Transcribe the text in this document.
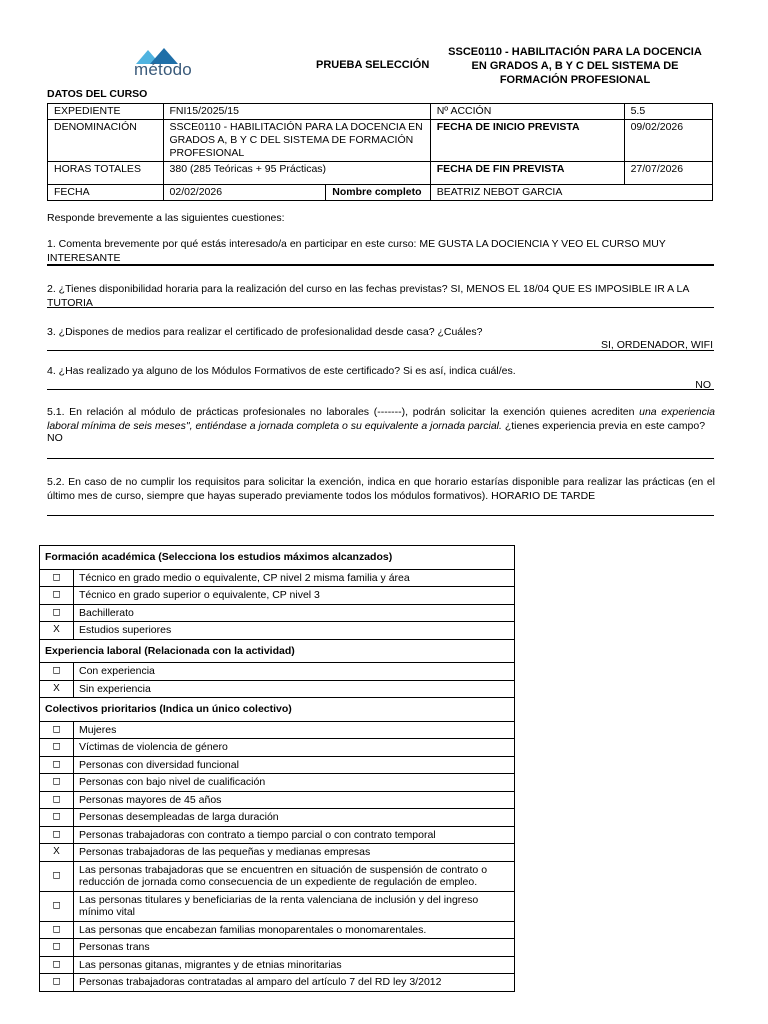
método	PRUEBA SELECCIÓN
SSCE0110 - HABILITACIÓN PARA LA DOCENCIA
EN GRADOS A, B Y C DEL SISTEMA DE
FORMACIÓN PROFESIONAL
DATOS DEL CURSO
EXPEDIENTE	FNI15/2025/15		Nº ACCIÓN	5.5
DENOMINACIÓN	SSCE0110 - HABILITACIÓN PARA LA DOCENCIA EN GRADOS A, B Y C DEL SISTEMA DE FORMACIÓN PROFESIONAL		FECHA DE INICIO PREVISTA	09/02/2026
HORAS TOTALES	380 (285 Teóricas + 95 Prácticas)		FECHA DE FIN PREVISTA	27/07/2026
FECHA	02/02/2026	Nombre completo	BEATRIZ NEBOT GARCIA	
Responde brevemente a las siguientes cuestiones:
1. Comenta brevemente por qué estás interesado/a en participar en este curso: ME GUSTA LA DOCIENCIA Y VEO EL CURSO MUY INTERESANTE
2. ¿Tienes disponibilidad horaria para la realización del curso en las fechas previstas? SI, MENOS EL 18/04 QUE ES IMPOSIBLE IR A LA TUTORIA
3. ¿Dispones de medios para realizar el certificado de profesionalidad desde casa? ¿Cuáles?
SI, ORDENADOR, WIFI
4. ¿Has realizado ya alguno de los Módulos Formativos de este certificado? Si es así, indica cuál/es.
NO
5.1. En relación al módulo de prácticas profesionales no laborales (-------), podrán solicitar la exención quienes acrediten una experiencia laboral mínima de seis meses", entiéndase a jornada completa o su equivalente a jornada parcial. ¿tienes experiencia previa en este campo?
NO
5.2. En caso de no cumplir los requisitos para solicitar la exención, indica en que horario estarías disponible para realizar las prácticas (en el último mes de curso, siempre que hayas superado previamente todos los módulos formativos). HORARIO DE TARDE
Formación académica (Selecciona los estudios máximos alcanzados)	
◻	Técnico en grado medio o equivalente, CP nivel 2 misma familia y área
◻	Técnico en grado superior o equivalente, CP nivel 3
◻	Bachillerato
X	Estudios superiores
Experiencia laboral (Relacionada con la actividad)	
◻	Con experiencia
X	Sin experiencia
Colectivos prioritarios (Indica un único colectivo)	
◻	Mujeres
◻	Víctimas de violencia de género
◻	Personas con diversidad funcional
◻	Personas con bajo nivel de cualificación
◻	Personas mayores de 45 años
◻	Personas desempleadas de larga duración
◻	Personas trabajadoras con contrato a tiempo parcial o con contrato temporal
X	Personas trabajadoras de las pequeñas y medianas empresas
◻	Las personas trabajadoras que se encuentren en situación de suspensión de contrato o reducción de jornada como consecuencia de un expediente de regulación de empleo.
◻	Las personas titulares y beneficiarias de la renta valenciana de inclusión y del ingreso mínimo vital
◻	Las personas que encabezan familias monoparentales o monomarentales.
◻	Personas trans
◻	Las personas gitanas, migrantes y de etnias minoritarias
◻	Personas trabajadoras contratadas al amparo del artículo 7 del RD ley 3/2012
